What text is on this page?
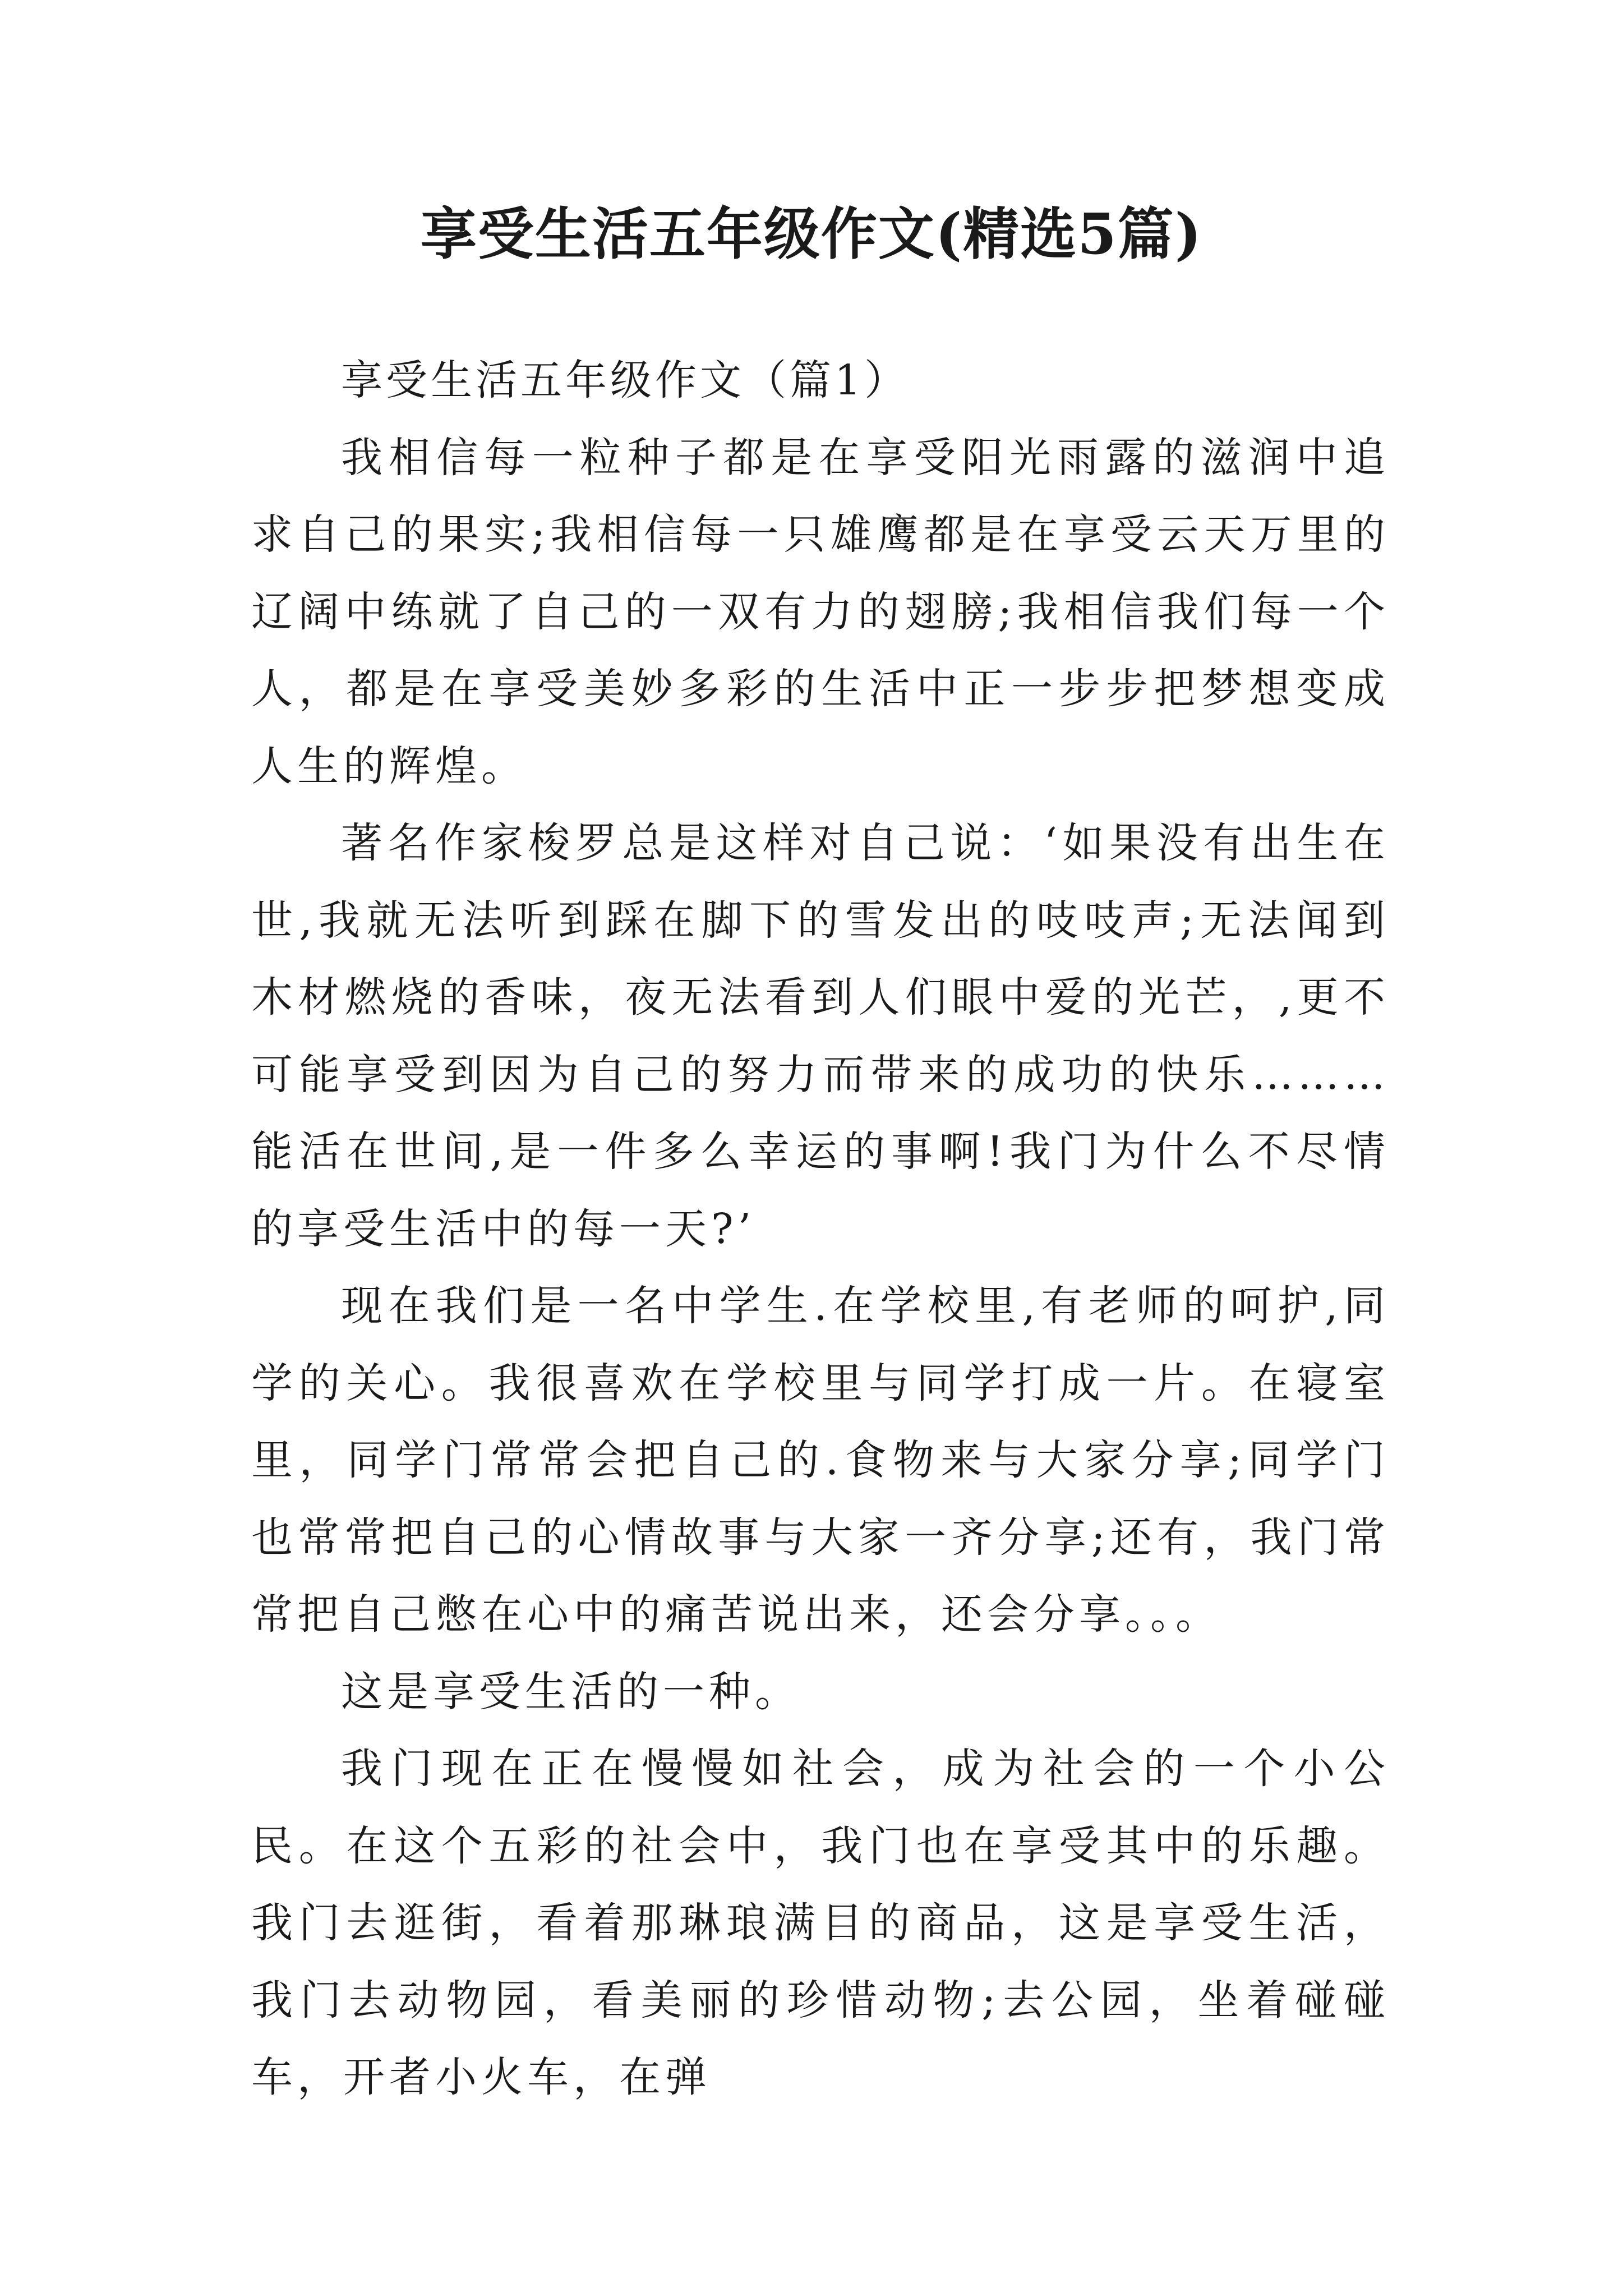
享受生活五年级作文(精选5篇)

享受生活五年级作文（篇1）

我相信每一粒种子都是在享受阳光雨露的滋润中追求自己的果实;我相信每一只雄鹰都是在享受云天万里的辽阔中练就了自己的一双有力的翅膀;我相信我们每一个人，都是在享受美妙多彩的生活中正一步步把梦想变成人生的辉煌。

著名作家梭罗总是这样对自己说：‘如果没有出生在世,我就无法听到踩在脚下的雪发出的吱吱声;无法闻到木材燃烧的香味，夜无法看到人们眼中爱的光芒，,更不可能享受到因为自己的努力而带来的成功的快乐………能活在世间,是一件多么幸运的事啊!我门为什么不尽情的享受生活中的每一天?’

现在我们是一名中学生.在学校里,有老师的呵护,同学的关心。我很喜欢在学校里与同学打成一片。在寝室里，同学门常常会把自己的.食物来与大家分享;同学门也常常把自己的心情故事与大家一齐分享;还有，我门常常把自己憋在心中的痛苦说出来，还会分享。。。

这是享受生活的一种。

我门现在正在慢慢如社会，成为社会的一个小公民。在这个五彩的社会中，我门也在享受其中的乐趣。我门去逛街，看着那琳琅满目的商品，这是享受生活，我门去动物园，看美丽的珍惜动物;去公园，坐着碰碰车，开者小火车，在弹
